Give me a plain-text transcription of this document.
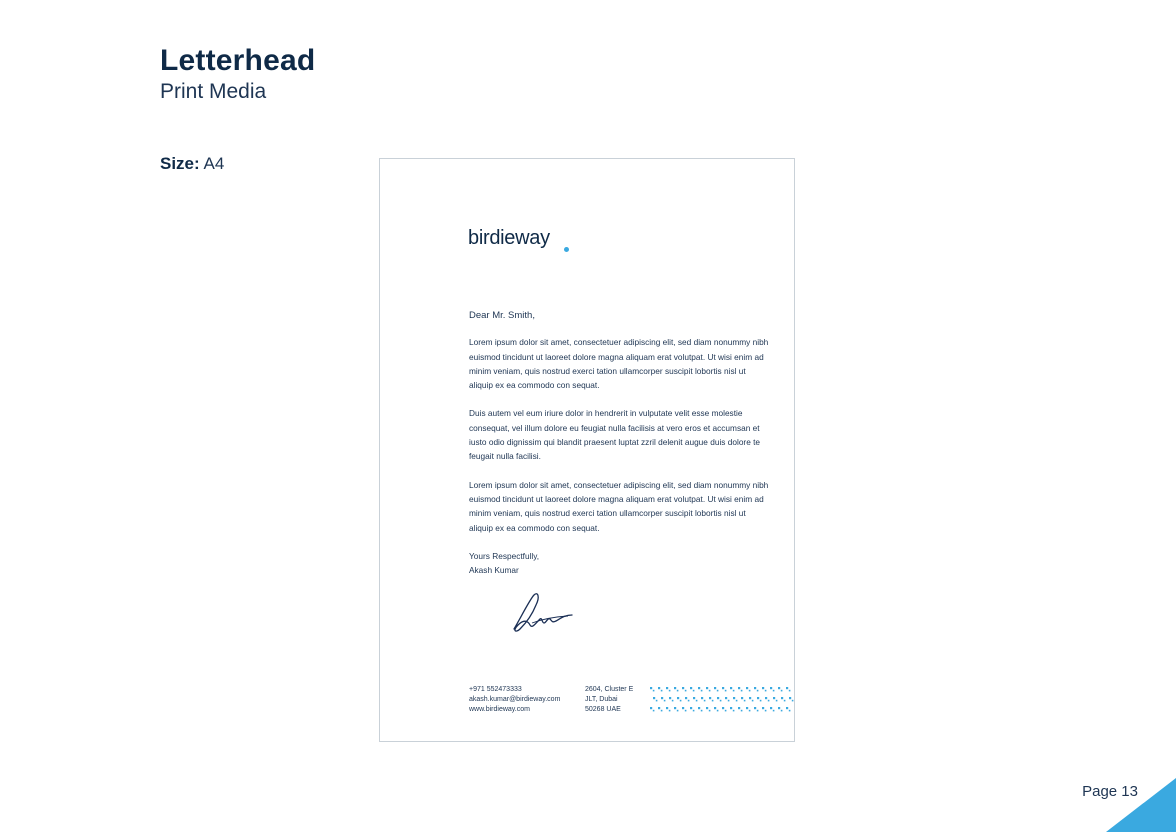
Letterhead
Print Media
Size: A4
birdieway
Dear Mr. Smith,

Lorem ipsum dolor sit amet, consectetuer adipiscing elit, sed diam nonummy nibh euismod tincidunt ut laoreet dolore magna aliquam erat volutpat. Ut wisi enim ad minim veniam, quis nostrud exerci tation ullamcorper suscipit lobortis nisl ut aliquip ex ea commodo con sequat.

Duis autem vel eum iriure dolor in hendrerit in vulputate velit esse molestie consequat, vel illum dolore eu feugiat nulla facilisis at vero eros et accumsan et iusto odio dignissim qui blandit praesent luptat zzril delenit augue duis dolore te feugait nulla facilisi.

Lorem ipsum dolor sit amet, consectetuer adipiscing elit, sed diam nonummy nibh euismod tincidunt ut laoreet dolore magna aliquam erat volutpat. Ut wisi enim ad minim veniam, quis nostrud exerci tation ullamcorper suscipit lobortis nisl ut aliquip ex ea commodo con sequat.

Yours Respectfully,
Akash Kumar
+971 552473333
akash.kumar@birdieway.com
www.birdieway.com
2604, Cluster E
JLT, Dubai
50268 UAE
Page 13
